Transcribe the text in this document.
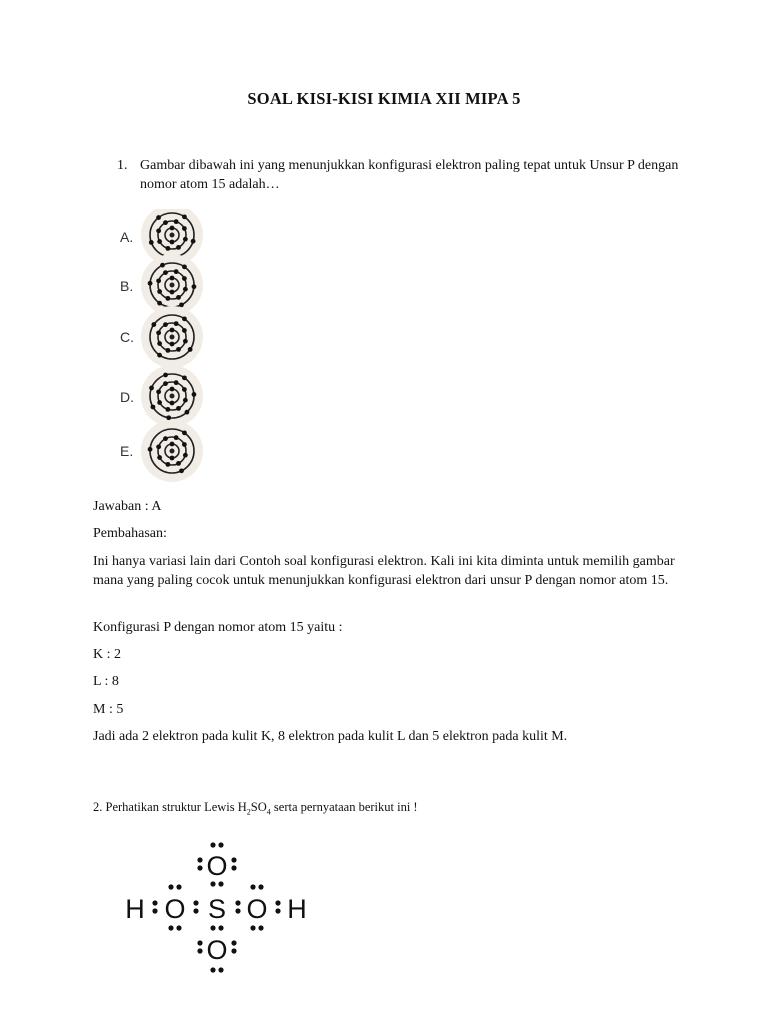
SOAL KISI-KISI KIMIA XII MIPA 5
1. Gambar dibawah ini yang menunjukkan konfigurasi elektron paling tepat untuk Unsur P dengan nomor atom 15 adalah…
A.
B.
C.
D.
E.

Jawaban : A

Pembahasan:

Ini hanya variasi lain dari Contoh soal konfigurasi elektron. Kali ini kita diminta untuk memilih gambar mana yang paling cocok untuk menunjukkan konfigurasi elektron dari unsur P dengan nomor atom 15.

Konfigurasi P dengan nomor atom 15 yaitu :

K : 2

L : 8

M : 5

Jadi ada 2 elektron pada kulit K, 8 elektron pada kulit L dan 5 elektron pada kulit M.

2. Perhatikan struktur Lewis $H_2SO_4$ serta pernyataan berikut ini !
O
H O S O H
O
